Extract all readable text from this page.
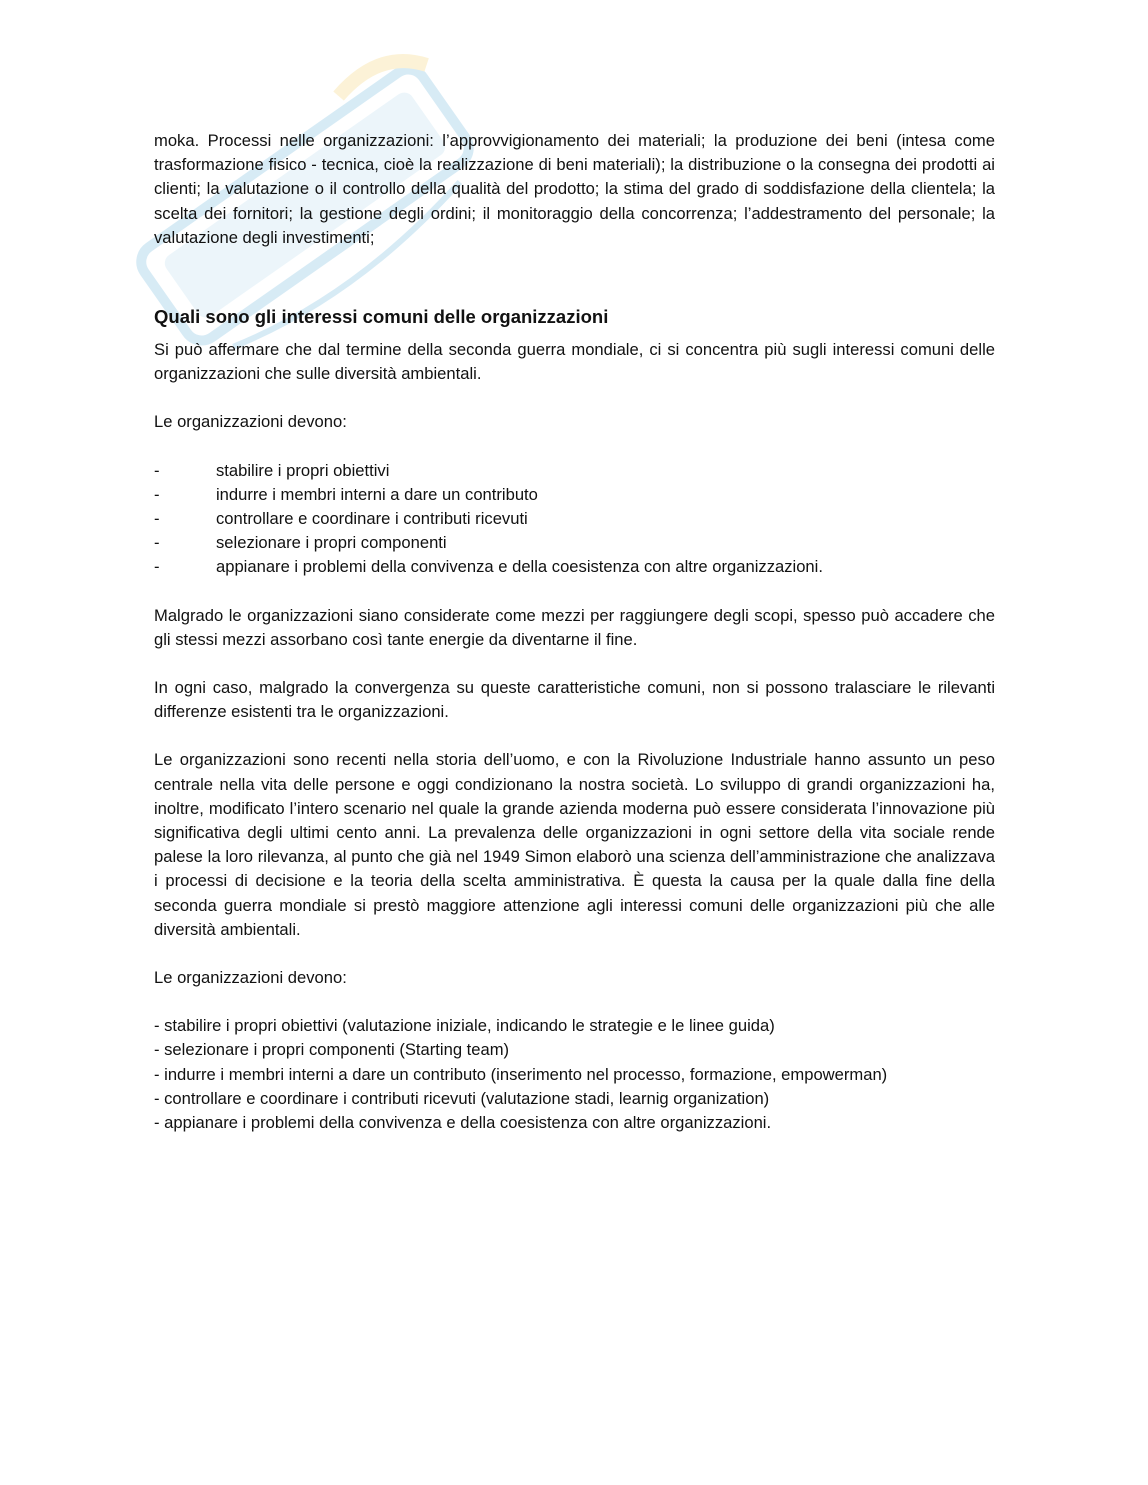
moka. Processi nelle organizzazioni: l’approvvigionamento dei materiali; la produzione dei beni (intesa come trasformazione fisico - tecnica, cioè la realizzazione di beni materiali); la distribuzione o la consegna dei prodotti ai clienti; la valutazione o il controllo della qualità del prodotto; la stima del grado di soddisfazione della clientela; la scelta dei fornitori; la gestione degli ordini; il monitoraggio della concorrenza; l’addestramento del personale; la valutazione degli investimenti;

Quali sono gli interessi comuni delle organizzazioni

Si può affermare che dal termine della seconda guerra mondiale, ci si concentra più sugli interessi comuni delle organizzazioni che sulle diversità ambientali.

Le organizzazioni devono:

-	stabilire i propri obiettivi
-	indurre i membri interni a dare un contributo
-	controllare e coordinare i contributi ricevuti
-	selezionare i propri componenti
-	appianare i problemi della convivenza e della coesistenza con altre organizzazioni.

Malgrado le organizzazioni siano considerate come mezzi per raggiungere degli scopi, spesso può accadere che gli stessi mezzi assorbano così tante energie da diventarne il fine.

In ogni caso, malgrado la convergenza su queste caratteristiche comuni, non si possono tralasciare le rilevanti differenze esistenti tra le organizzazioni.

Le organizzazioni sono recenti nella storia dell’uomo, e con la Rivoluzione Industriale hanno assunto un peso centrale nella vita delle persone e oggi condizionano la nostra società. Lo sviluppo di grandi organizzazioni ha, inoltre, modificato l’intero scenario nel quale la grande azienda moderna può essere considerata l’innovazione più significativa degli ultimi cento anni. La prevalenza delle organizzazioni in ogni settore della vita sociale rende palese la loro rilevanza, al punto che già nel 1949 Simon elaborò una scienza dell’amministrazione che analizzava i processi di decisione e la teoria della scelta amministrativa. È questa la causa per la quale dalla fine della seconda guerra mondiale si prestò maggiore attenzione agli interessi comuni delle organizzazioni più che alle diversità ambientali.

Le organizzazioni devono:

- stabilire i propri obiettivi (valutazione iniziale, indicando le strategie e le linee guida)
- selezionare i propri componenti (Starting team)
- indurre i membri interni a dare un contributo (inserimento nel processo, formazione, empowerman)
- controllare e coordinare i contributi ricevuti (valutazione stadi, learnig organization)
- appianare i problemi della convivenza e della coesistenza con altre organizzazioni.
